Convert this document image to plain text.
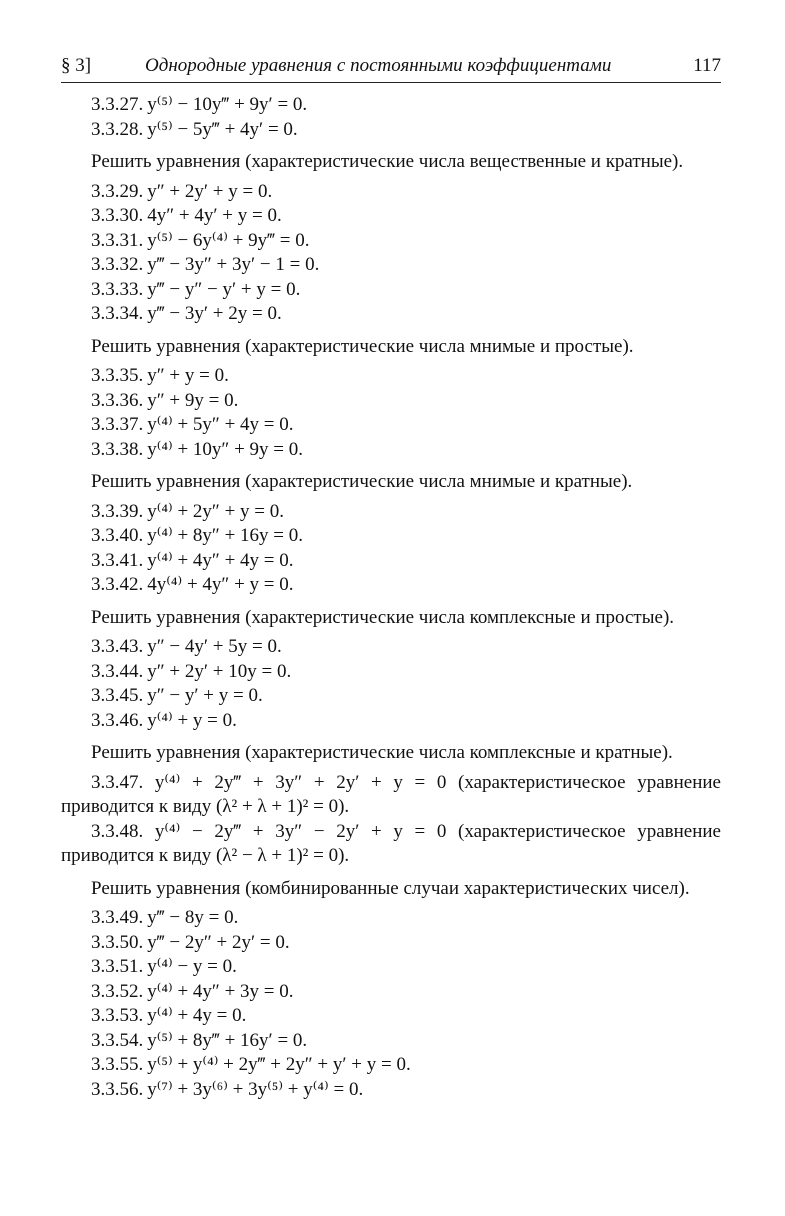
§ 3]	Однородные уравнения с постоянными коэффициентами	117
3.3.27. y⁽⁵⁾ − 10y‴ + 9y′ = 0.
3.3.28. y⁽⁵⁾ − 5y‴ + 4y′ = 0.
Решить уравнения (характеристические числа вещественные и кратные).
3.3.29. y″ + 2y′ + y = 0.
3.3.30. 4y″ + 4y′ + y = 0.
3.3.31. y⁽⁵⁾ − 6y⁽⁴⁾ + 9y‴ = 0.
3.3.32. y‴ − 3y″ + 3y′ − 1 = 0.
3.3.33. y‴ − y″ − y′ + y = 0.
3.3.34. y‴ − 3y′ + 2y = 0.
Решить уравнения (характеристические числа мнимые и простые).
3.3.35. y″ + y = 0.
3.3.36. y″ + 9y = 0.
3.3.37. y⁽⁴⁾ + 5y″ + 4y = 0.
3.3.38. y⁽⁴⁾ + 10y″ + 9y = 0.
Решить уравнения (характеристические числа мнимые и кратные).
3.3.39. y⁽⁴⁾ + 2y″ + y = 0.
3.3.40. y⁽⁴⁾ + 8y″ + 16y = 0.
3.3.41. y⁽⁴⁾ + 4y″ + 4y = 0.
3.3.42. 4y⁽⁴⁾ + 4y″ + y = 0.
Решить уравнения (характеристические числа комплексные и простые).
3.3.43. y″ − 4y′ + 5y = 0.
3.3.44. y″ + 2y′ + 10y = 0.
3.3.45. y″ − y′ + y = 0.
3.3.46. y⁽⁴⁾ + y = 0.
Решить уравнения (характеристические числа комплексные и кратные).
3.3.47. y⁽⁴⁾ + 2y‴ + 3y″ + 2y′ + y = 0 (характеристическое уравнение приводится к виду (λ² + λ + 1)² = 0).
3.3.48. y⁽⁴⁾ − 2y‴ + 3y″ − 2y′ + y = 0 (характеристическое уравнение приводится к виду (λ² − λ + 1)² = 0).
Решить уравнения (комбинированные случаи характеристических чисел).
3.3.49. y‴ − 8y = 0.
3.3.50. y‴ − 2y″ + 2y′ = 0.
3.3.51. y⁽⁴⁾ − y = 0.
3.3.52. y⁽⁴⁾ + 4y″ + 3y = 0.
3.3.53. y⁽⁴⁾ + 4y = 0.
3.3.54. y⁽⁵⁾ + 8y‴ + 16y′ = 0.
3.3.55. y⁽⁵⁾ + y⁽⁴⁾ + 2y‴ + 2y″ + y′ + y = 0.
3.3.56. y⁽⁷⁾ + 3y⁽⁶⁾ + 3y⁽⁵⁾ + y⁽⁴⁾ = 0.
